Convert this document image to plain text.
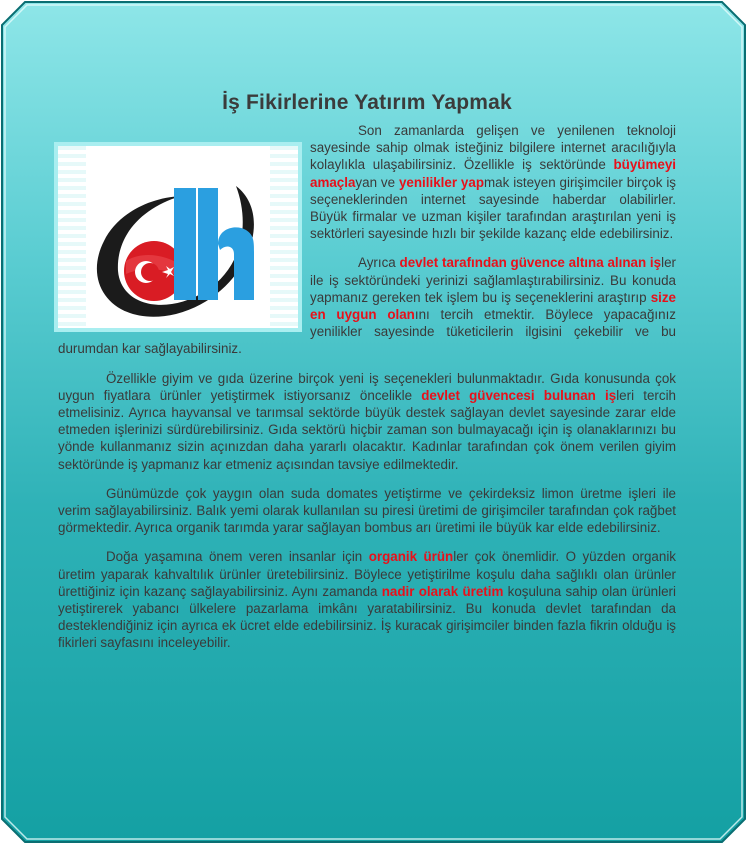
İş Fikirlerine Yatırım Yapmak

Son zamanlarda gelişen ve yenilenen teknoloji sayesinde sahip olmak isteğiniz bilgilere internet aracılığıyla kolaylıkla ulaşabilirsiniz. Özellikle iş sektöründe büyümeyi amaçlayan ve yenilikler yapmak isteyen girişimciler birçok iş seçeneklerinden internet sayesinde haberdar olabilirler. Büyük firmalar ve uzman kişiler tarafından araştırılan yeni iş sektörleri sayesinde hızlı bir şekilde kazanç elde edebilirsiniz.

Ayrıca devlet tarafından güvence altına alınan işler ile iş sektöründeki yerinizi sağlamlaştırabilirsiniz. Bu konuda yapmanız gereken tek işlem bu iş seçeneklerini araştırıp size en uygun olanını tercih etmektir. Böylece yapacağınız yenilikler sayesinde tüketicilerin ilgisini çekebilir ve bu durumdan kar sağlayabilirsiniz.

Özellikle giyim ve gıda üzerine birçok yeni iş seçenekleri bulunmaktadır. Gıda konusunda çok uygun fiyatlara ürünler yetiştirmek istiyorsanız öncelikle devlet güvencesi bulunan işleri tercih etmelisiniz. Ayrıca hayvansal ve tarımsal sektörde büyük destek sağlayan devlet sayesinde zarar elde etmeden işlerinizi sürdürebilirsiniz. Gıda sektörü hiçbir zaman son bulmayacağı için iş olanaklarınızı bu yönde kullanmanız sizin açınızdan daha yararlı olacaktır. Kadınlar tarafından çok önem verilen giyim sektöründe iş yapmanız kar etmeniz açısından tavsiye edilmektedir.

Günümüzde çok yaygın olan suda domates yetiştirme ve çekirdeksiz limon üretme işleri ile verim sağlayabilirsiniz. Balık yemi olarak kullanılan su piresi üretimi de girişimciler tarafından çok rağbet görmektedir. Ayrıca organik tarımda yarar sağlayan bombus arı üretimi ile büyük kar elde edebilirsiniz.

Doğa yaşamına önem veren insanlar için organik ürünler çok önemlidir. O yüzden organik üretim yaparak kahvaltılık ürünler üretebilirsiniz. Böylece yetiştirilme koşulu daha sağlıklı olan ürünler ürettiğiniz için kazanç sağlayabilirsiniz. Aynı zamanda nadir olarak üretim koşuluna sahip olan ürünleri yetiştirerek yabancı ülkelere pazarlama imkânı yaratabilirsiniz. Bu konuda devlet tarafından da desteklendiğiniz için ayrıca ek ücret elde edebilirsiniz. İş kuracak girişimciler binden fazla fikrin olduğu iş fikirleri sayfasını inceleyebilir.
